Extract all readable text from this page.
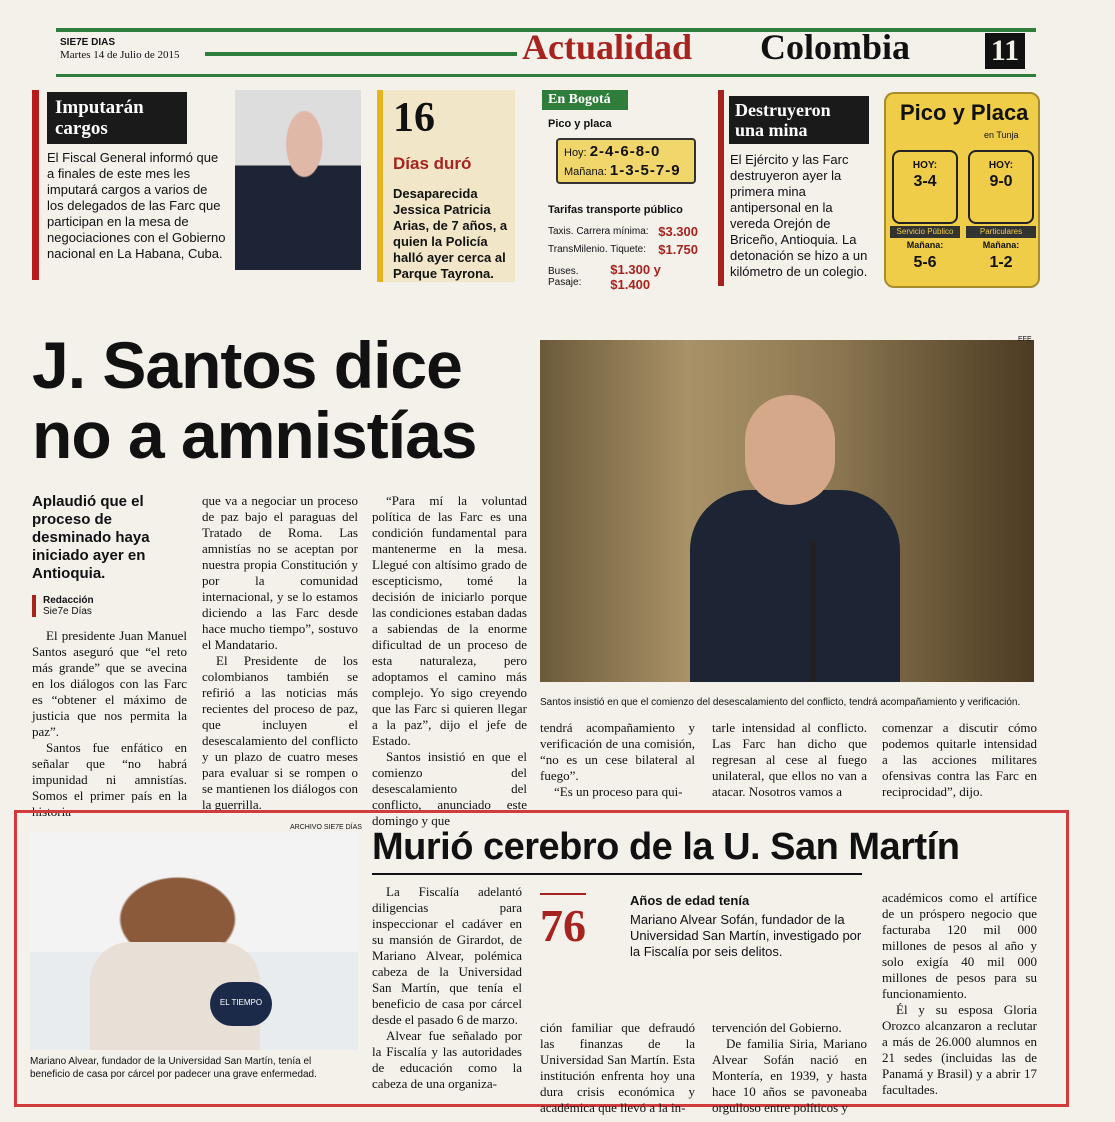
SIE7E DIAS
Martes 14 de Julio de 2015	Actualidad Colombia	11
Imputarán cargos
El Fiscal General informó que a finales de este mes les imputará cargos a varios de los delegados de las Farc que participan en la mesa de negociaciones con el Gobierno nacional en La Habana, Cuba.
16
Días duró
Desaparecida Jessica Patricia Arias, de 7 años, a quien la Policía halló ayer cerca al Parque Tayrona.
En Bogotá
Pico y placa
Hoy: 2-4-6-8-0
Mañana: 1-3-5-7-9
Tarifas transporte público
Taxis. Carrera mínima: $3.300
TransMilenio. Tiquete: $1.750
Buses. Pasaje:
$1.300 y $1.400
Destruyeron una mina
El Ejército y las Farc destruyeron ayer la primera mina antipersonal en la vereda Orejón de Briceño, Antioquia. La detonación se hizo a un kilómetro de un colegio.
Pico y Placa
en Tunja
HOY:
3-4
HOY:
9-0
Servicio Público	Particulares
Mañana:	Mañana:
5-6	1-2
J. Santos dice no a amnistías
Aplaudió que el proceso de desminado haya iniciado ayer en Antioquia.
Redacción
Sie7e Días

El presidente Juan Manuel Santos aseguró que “el reto más grande” que se avecina en los diálogos con las Farc es “obtener el máximo de justicia que nos permita la paz”.

Santos fue enfático en señalar que “no habrá impunidad ni amnistías. Somos el primer país en la historia

que va a negociar un proceso de paz bajo el paraguas del Tratado de Roma. Las amnistías no se aceptan por nuestra propia Constitución y por la comunidad internacional, y se lo estamos diciendo a las Farc desde hace mucho tiempo”, sostuvo el Mandatario.

El Presidente de los colombianos también se refirió a las noticias más recientes del proceso de paz, que incluyen el desescalamiento del conflicto y un plazo de cuatro meses para evaluar si se rompen o se mantienen los diálogos con la guerrilla.

“Para mí la voluntad política de las Farc es una condición fundamental para mantenerme en la mesa. Llegué con altísimo grado de escepticismo, tomé la decisión de iniciarlo porque las condiciones estaban dadas a sabiendas de la enorme dificultad de un proceso de esta naturaleza, pero adoptamos el camino más complejo. Yo sigo creyendo que las Farc si quieren llegar a la paz”, dijo el jefe de Estado.

Santos insistió en que el comienzo del desescalamiento del conflicto, anunciado este domingo y que

tendrá acompañamiento y verificación de una comisión, “no es un cese bilateral al fuego”.

“Es un proceso para qui-

tarle intensidad al conflicto. Las Farc han dicho que regresan al cese al fuego unilateral, que ellos no van a atacar. Nosotros vamos a

comenzar a discutir cómo podemos quitarle intensidad a las acciones militares ofensivas contra las Farc en reciprocidad”, dijo.

EFE
Santos insistió en que el comienzo del desescalamiento del conflicto, tendrá acompañamiento y verificación.
EL TIEMPO
ARCHIVO SIE7E DÍAS
Mariano Alvear, fundador de la Universidad San Martín, tenía el beneficio de casa por cárcel por padecer una grave enfermedad.
Murió cerebro de la U. San Martín
76	Años de edad tenía
Mariano Alvear Sofán, fundador de la Universidad San Martín, investigado por la Fiscalía por seis delitos.

La Fiscalía adelantó diligencias para inspeccionar el cadáver en su mansión de Girardot, de Mariano Alvear, polémica cabeza de la Universidad San Martín, que tenía el beneficio de casa por cárcel desde el pasado 6 de marzo.

Alvear fue señalado por la Fiscalía y las autoridades de educación como la cabeza de una organiza-

ción familiar que defraudó las finanzas de la Universidad San Martín. Esta institución enfrenta hoy una dura crisis económica y académica que llevó a la in-

tervención del Gobierno.

De familia Siria, Mariano Alvear Sofán nació en Montería, en 1939, y hasta hace 10 años se pavoneaba orgulloso entre políticos y

académicos como el artífice de un próspero negocio que facturaba 120 mil 000 millones de pesos al año y solo exigía 40 mil 000 millones de pesos para su funcionamiento.

Él y su esposa Gloria Orozco alcanzaron a reclutar a más de 26.000 alumnos en 21 sedes (incluidas las de Panamá y Brasil) y a abrir 17 facultades.
